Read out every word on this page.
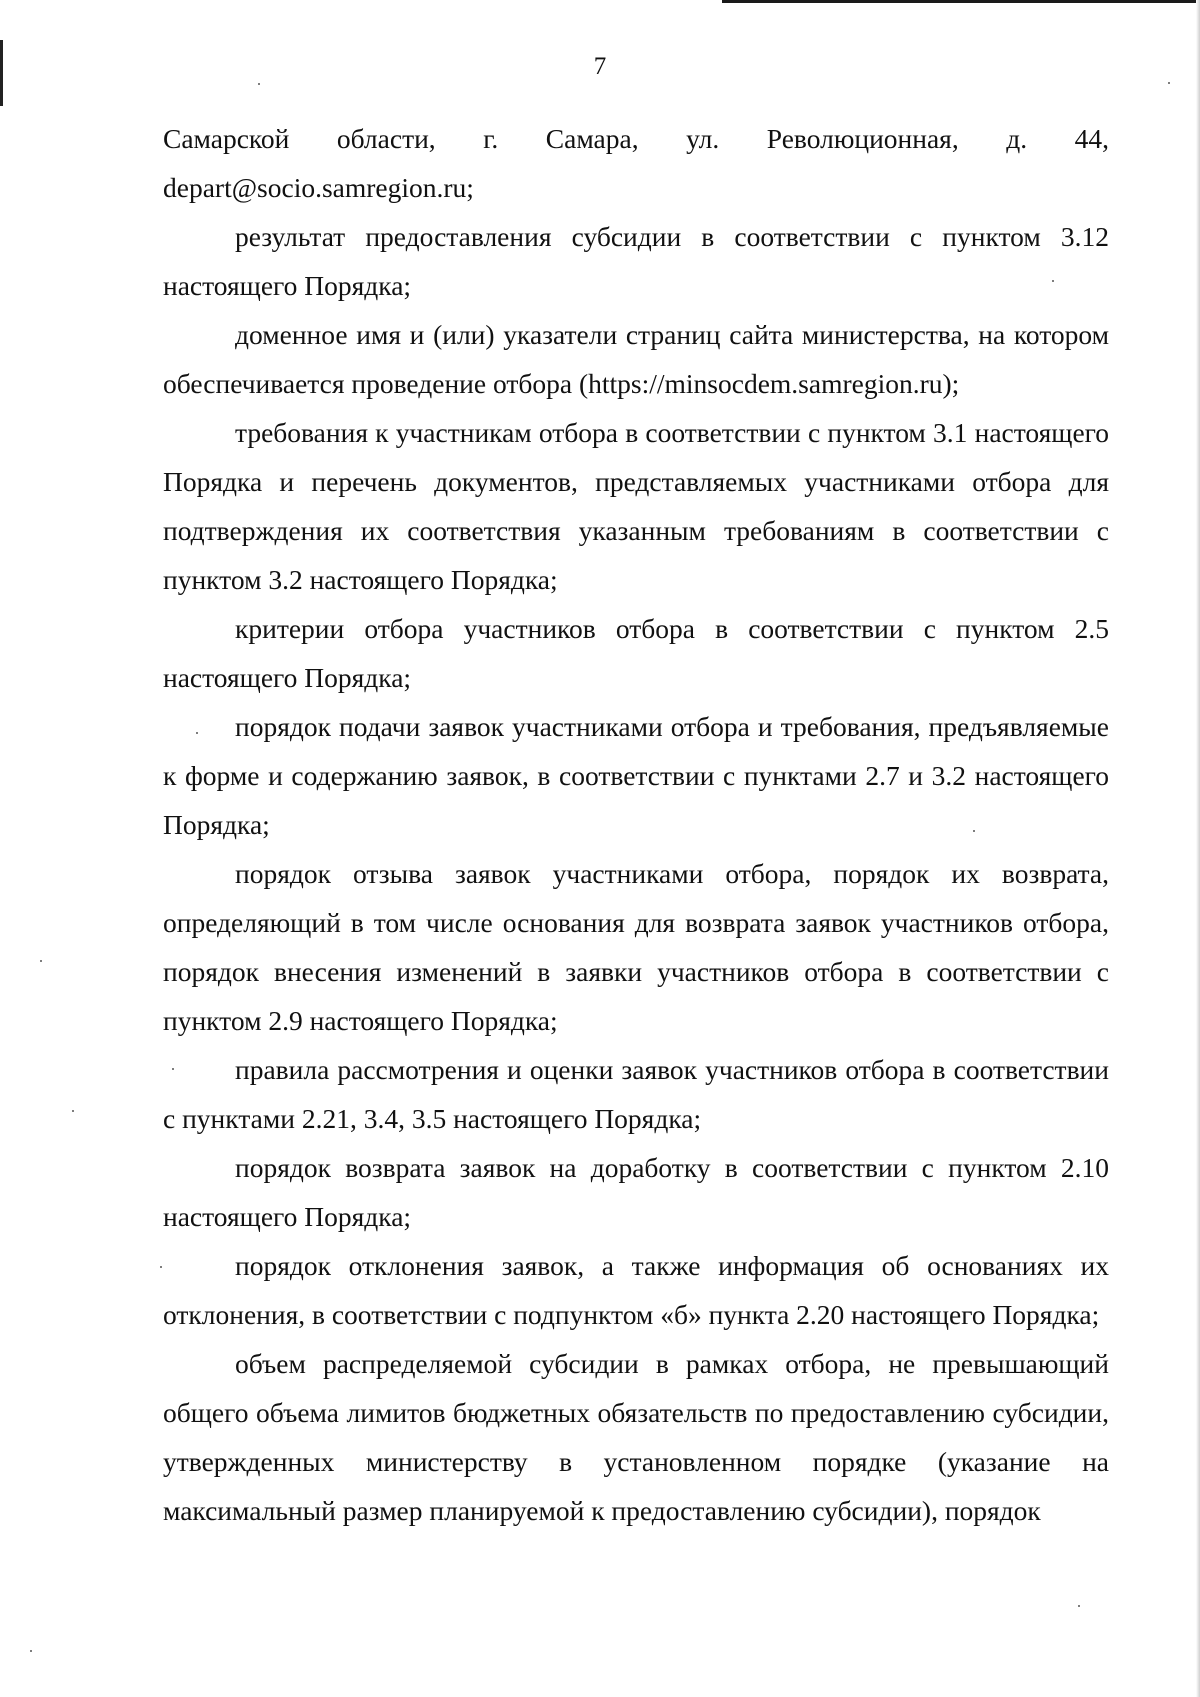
7

Самарской области, г. Самара, ул. Революционная, д. 44, depart@socio.samregion.ru;

результат предоставления субсидии в соответствии с пунктом 3.12 настоящего Порядка;

доменное имя и (или) указатели страниц сайта министерства, на котором обеспечивается проведение отбора (https://minsocdem.samregion.ru);

требования к участникам отбора в соответствии с пунктом 3.1 настоящего Порядка и перечень документов, представляемых участниками отбора для подтверждения их соответствия указанным требованиям в соответствии с пунктом 3.2 настоящего Порядка;

критерии отбора участников отбора в соответствии с пунктом 2.5 настоящего Порядка;

порядок подачи заявок участниками отбора и требования, предъявляемые к форме и содержанию заявок, в соответствии с пунктами 2.7 и 3.2 настоящего Порядка;

порядок отзыва заявок участниками отбора, порядок их возврата, определяющий в том числе основания для возврата заявок участников отбора, порядок внесения изменений в заявки участников отбора в соответствии с пунктом 2.9 настоящего Порядка;

правила рассмотрения и оценки заявок участников отбора в соответствии с пунктами 2.21, 3.4, 3.5 настоящего Порядка;

порядок возврата заявок на доработку в соответствии с пунктом 2.10 настоящего Порядка;

порядок отклонения заявок, а также информация об основаниях их отклонения, в соответствии с подпунктом «б» пункта 2.20 настоящего Порядка;

объем распределяемой субсидии в рамках отбора, не превышающий общего объема лимитов бюджетных обязательств по предоставлению субсидии, утвержденных министерству в установленном порядке (указание на максимальный размер планируемой к предоставлению субсидии), порядок
